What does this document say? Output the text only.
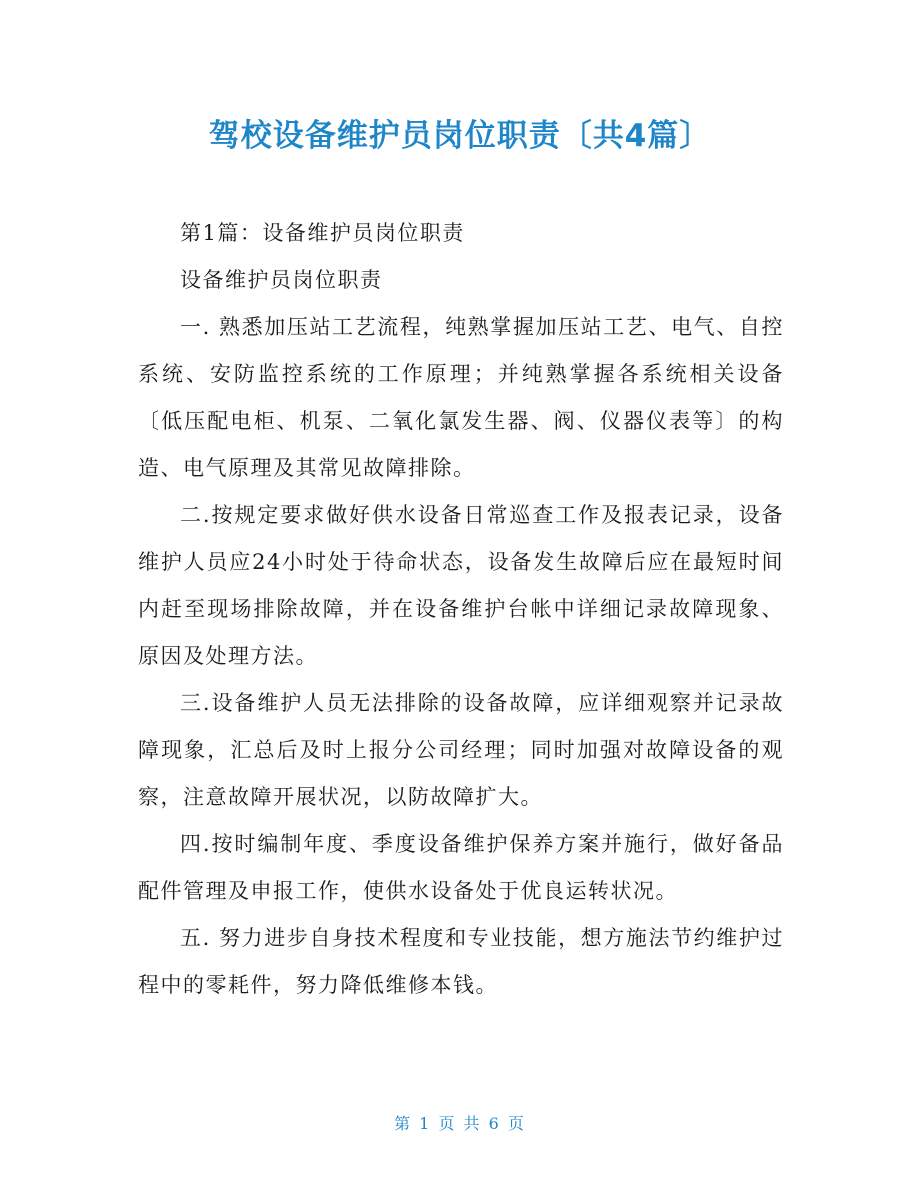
驾校设备维护员岗位职责〔共4篇〕

第1篇：设备维护员岗位职责

设备维护员岗位职责

一. 熟悉加压站工艺流程，纯熟掌握加压站工艺、电气、自控系统、安防监控系统的工作原理；并纯熟掌握各系统相关设备〔低压配电柜、机泵、二氧化氯发生器、阀、仪器仪表等〕的构造、电气原理及其常见故障排除。

二.按规定要求做好供水设备日常巡查工作及报表记录，设备维护人员应24小时处于待命状态，设备发生故障后应在最短时间内赶至现场排除故障，并在设备维护台帐中详细记录故障现象、原因及处理方法。

三.设备维护人员无法排除的设备故障，应详细观察并记录故障现象，汇总后及时上报分公司经理；同时加强对故障设备的观察，注意故障开展状况，以防故障扩大。

四.按时编制年度、季度设备维护保养方案并施行，做好备品配件管理及申报工作，使供水设备处于优良运转状况。

五. 努力进步自身技术程度和专业技能，想方施法节约维护过程中的零耗件，努力降低维修本钱。

第 1 页 共 6 页
